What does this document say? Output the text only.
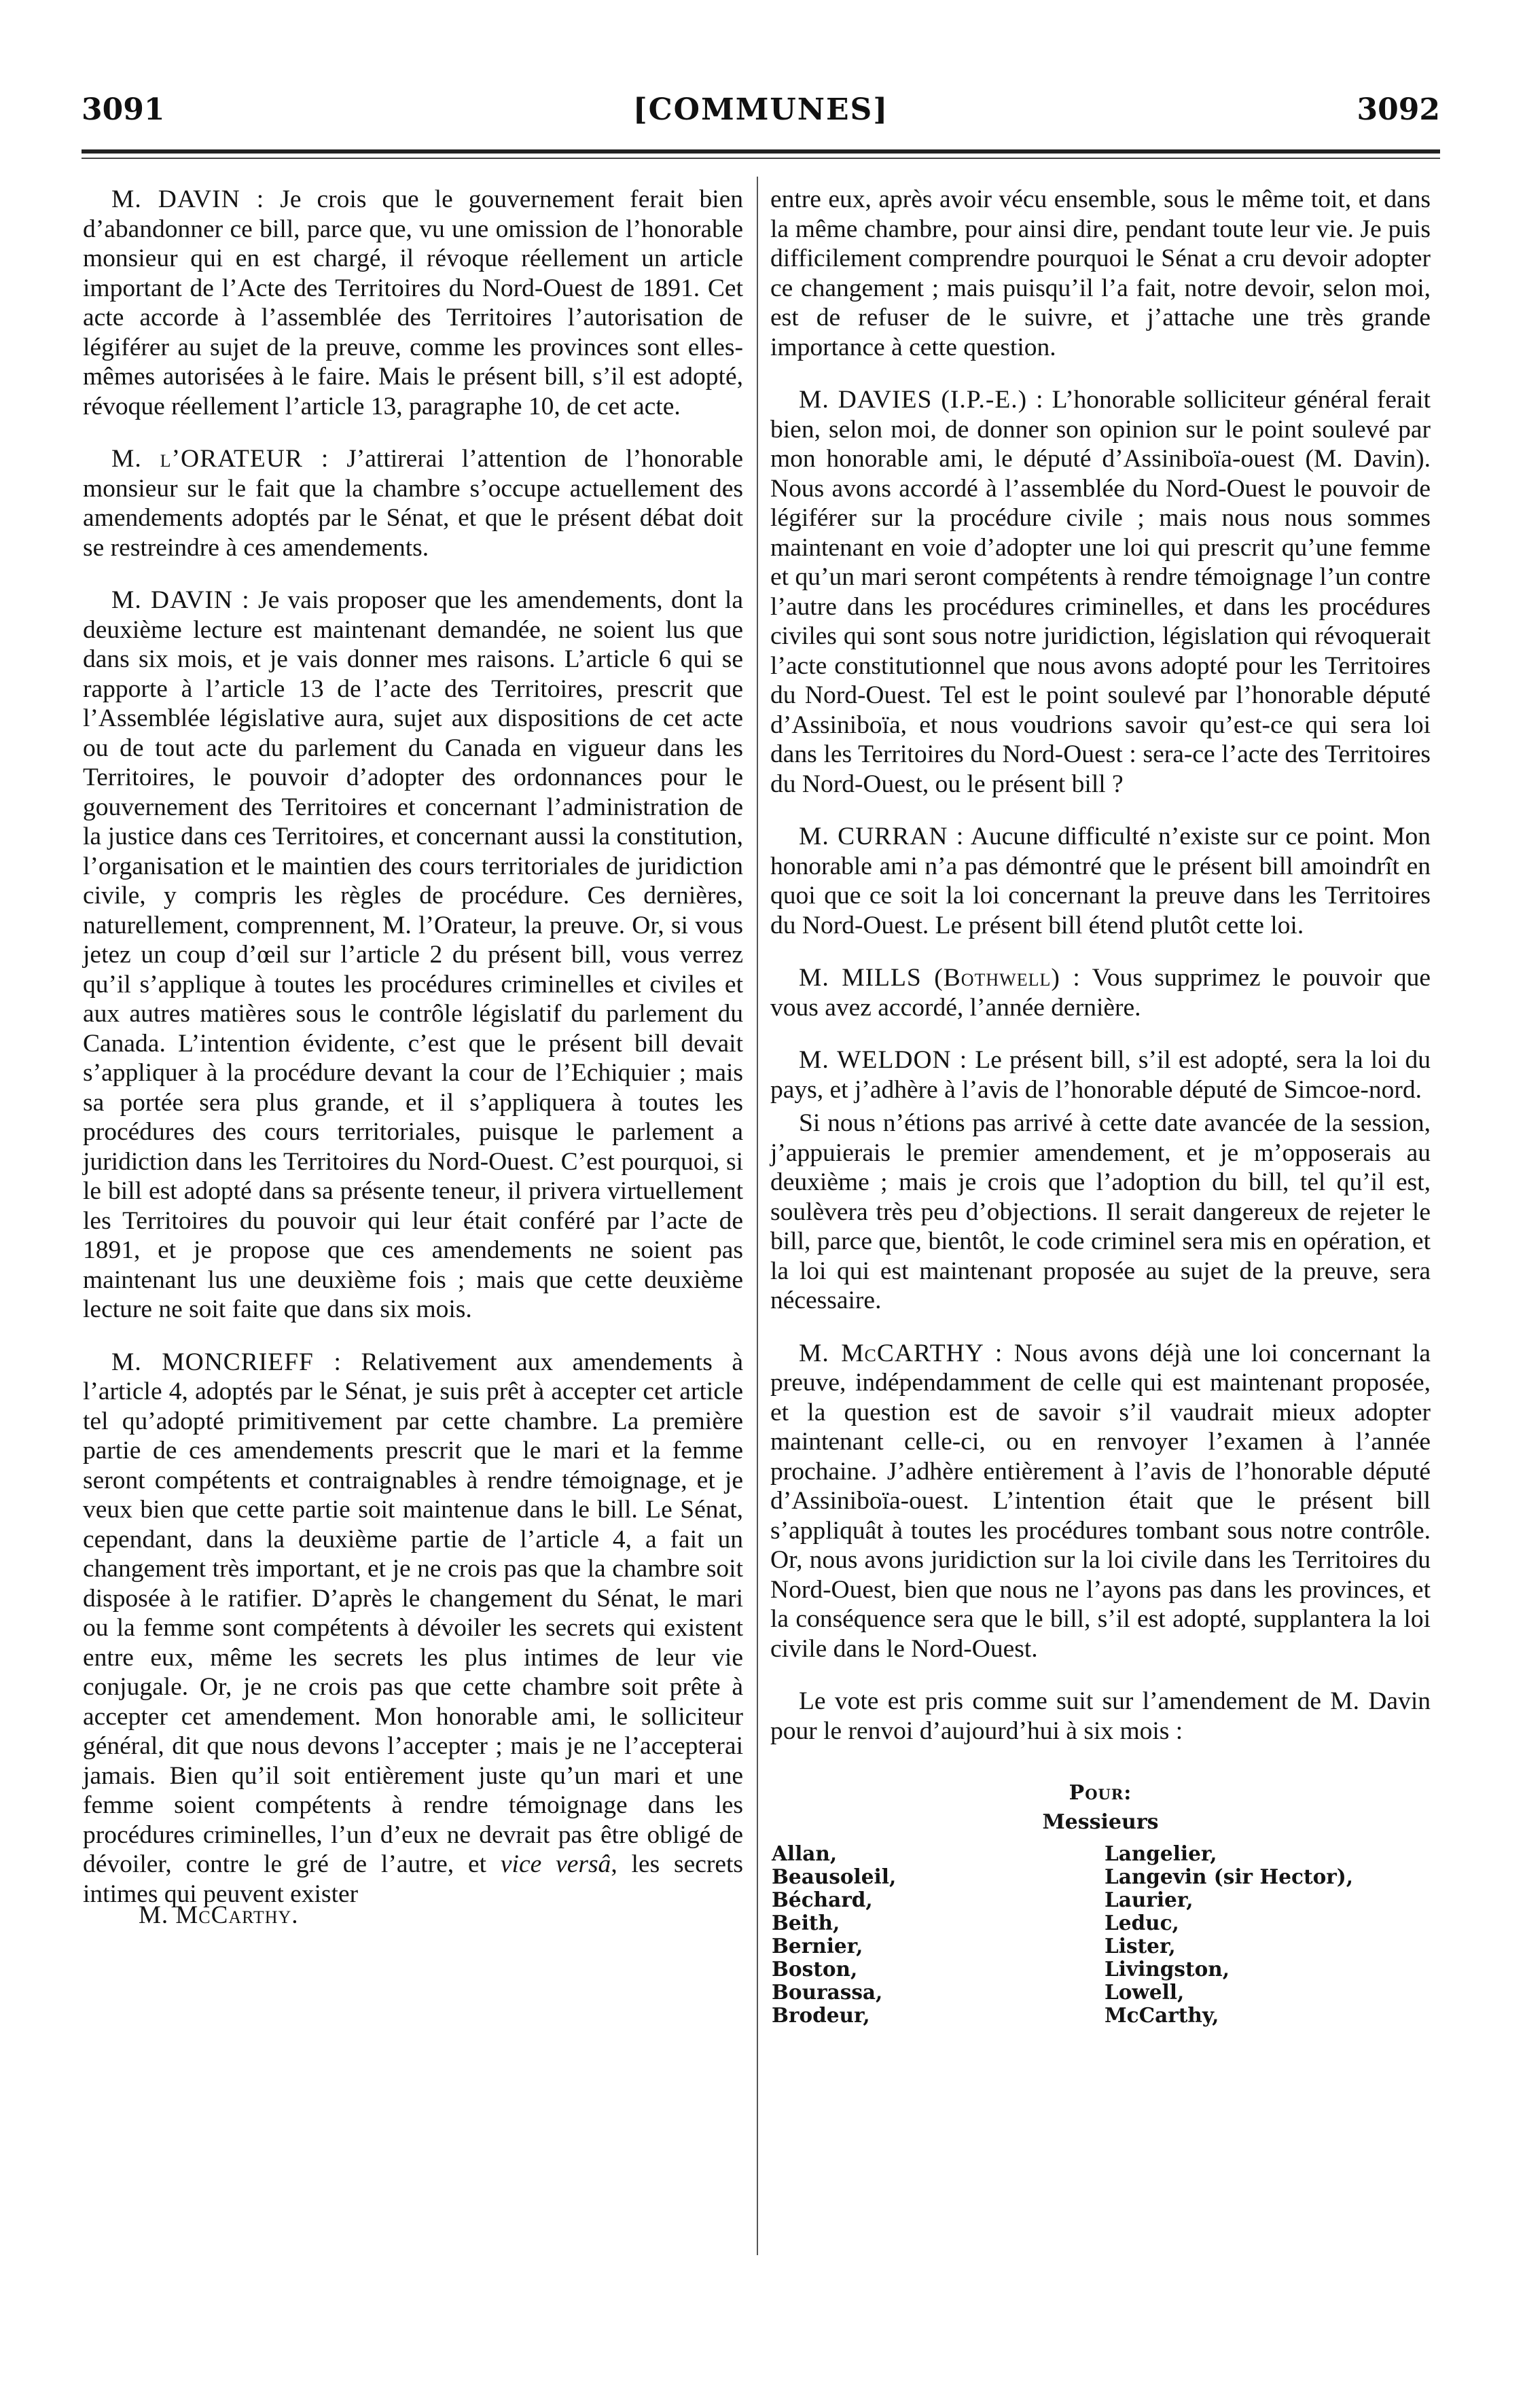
3091	[COMMUNES]	3092

M. DAVIN : Je crois que le gouvernement ferait bien d’abandonner ce bill, parce que, vu une omission de l’honorable monsieur qui en est chargé, il révoque réellement un article important de l’Acte des Territoires du Nord-Ouest de 1891. Cet acte accorde à l’assemblée des Territoires l’autorisation de légiférer au sujet de la preuve, comme les provinces sont elles-mêmes autorisées à le faire. Mais le présent bill, s’il est adopté, révoque réellement l’article 13, paragraphe 10, de cet acte.

M. l’ORATEUR : J’attirerai l’attention de l’honorable monsieur sur le fait que la chambre s’occupe actuellement des amendements adoptés par le Sénat, et que le présent débat doit se restreindre à ces amendements.

M. DAVIN : Je vais proposer que les amendements, dont la deuxième lecture est maintenant demandée, ne soient lus que dans six mois, et je vais donner mes raisons. L’article 6 qui se rapporte à l’article 13 de l’acte des Territoires, prescrit que l’Assemblée législative aura, sujet aux dispositions de cet acte ou de tout acte du parlement du Canada en vigueur dans les Territoires, le pouvoir d’adopter des ordonnances pour le gouvernement des Territoires et concernant l’administration de la justice dans ces Territoires, et concernant aussi la constitution, l’organisation et le maintien des cours territoriales de juridiction civile, y compris les règles de procédure. Ces dernières, naturellement, comprennent, M. l’Orateur, la preuve. Or, si vous jetez un coup d’œil sur l’article 2 du présent bill, vous verrez qu’il s’applique à toutes les procédures criminelles et civiles et aux autres matières sous le contrôle législatif du parlement du Canada. L’intention évidente, c’est que le présent bill devait s’appliquer à la procédure devant la cour de l’Echiquier ; mais sa portée sera plus grande, et il s’appliquera à toutes les procédures des cours territoriales, puisque le parlement a juridiction dans les Territoires du Nord-Ouest. C’est pourquoi, si le bill est adopté dans sa présente teneur, il privera virtuellement les Territoires du pouvoir qui leur était conféré par l’acte de 1891, et je propose que ces amendements ne soient pas maintenant lus une deuxième fois ; mais que cette deuxième lecture ne soit faite que dans six mois.

M. MONCRIEFF : Relativement aux amendements à l’article 4, adoptés par le Sénat, je suis prêt à accepter cet article tel qu’adopté primitivement par cette chambre. La première partie de ces amendements prescrit que le mari et la femme seront compétents et contraignables à rendre témoignage, et je veux bien que cette partie soit maintenue dans le bill. Le Sénat, cependant, dans la deuxième partie de l’article 4, a fait un changement très important, et je ne crois pas que la chambre soit disposée à le ratifier. D’après le changement du Sénat, le mari ou la femme sont compétents à dévoiler les secrets qui existent entre eux, même les secrets les plus intimes de leur vie conjugale. Or, je ne crois pas que cette chambre soit prête à accepter cet amendement. Mon honorable ami, le solliciteur général, dit que nous devons l’accepter ; mais je ne l’accepterai jamais. Bien qu’il soit entièrement juste qu’un mari et une femme soient compétents à rendre témoignage dans les procédures criminelles, l’un d’eux ne devrait pas être obligé de dévoiler, contre le gré de l’autre, et vice versâ, les secrets intimes qui peuvent exister

M. McCarthy.

entre eux, après avoir vécu ensemble, sous le même toit, et dans la même chambre, pour ainsi dire, pendant toute leur vie. Je puis difficilement comprendre pourquoi le Sénat a cru devoir adopter ce changement ; mais puisqu’il l’a fait, notre devoir, selon moi, est de refuser de le suivre, et j’attache une très grande importance à cette question.

M. DAVIES (I.P.-E.) : L’honorable solliciteur général ferait bien, selon moi, de donner son opinion sur le point soulevé par mon honorable ami, le député d’Assiniboïa-ouest (M. Davin). Nous avons accordé à l’assemblée du Nord-Ouest le pouvoir de légiférer sur la procédure civile ; mais nous nous sommes maintenant en voie d’adopter une loi qui prescrit qu’une femme et qu’un mari seront compétents à rendre témoignage l’un contre l’autre dans les procédures criminelles, et dans les procédures civiles qui sont sous notre juridiction, législation qui révoquerait l’acte constitutionnel que nous avons adopté pour les Territoires du Nord-Ouest. Tel est le point soulevé par l’honorable député d’Assiniboïa, et nous voudrions savoir qu’est-ce qui sera loi dans les Territoires du Nord-Ouest : sera-ce l’acte des Territoires du Nord-Ouest, ou le présent bill ?

M. CURRAN : Aucune difficulté n’existe sur ce point. Mon honorable ami n’a pas démontré que le présent bill amoindrît en quoi que ce soit la loi concernant la preuve dans les Territoires du Nord-Ouest. Le présent bill étend plutôt cette loi.

M. MILLS (Bothwell) : Vous supprimez le pouvoir que vous avez accordé, l’année dernière.

M. WELDON : Le présent bill, s’il est adopté, sera la loi du pays, et j’adhère à l’avis de l’honorable député de Simcoe-nord.

Si nous n’étions pas arrivé à cette date avancée de la session, j’appuierais le premier amendement, et je m’opposerais au deuxième ; mais je crois que l’adoption du bill, tel qu’il est, soulèvera très peu d’objections. Il serait dangereux de rejeter le bill, parce que, bientôt, le code criminel sera mis en opération, et la loi qui est maintenant proposée au sujet de la preuve, sera nécessaire.

M. McCARTHY : Nous avons déjà une loi concernant la preuve, indépendamment de celle qui est maintenant proposée, et la question est de savoir s’il vaudrait mieux adopter maintenant celle-ci, ou en renvoyer l’examen à l’année prochaine. J’adhère entièrement à l’avis de l’honorable député d’Assiniboïa-ouest. L’intention était que le présent bill s’appliquât à toutes les procédures tombant sous notre contrôle. Or, nous avons juridiction sur la loi civile dans les Territoires du Nord-Ouest, bien que nous ne l’ayons pas dans les provinces, et la conséquence sera que le bill, s’il est adopté, supplantera la loi civile dans le Nord-Ouest.

Le vote est pris comme suit sur l’amendement de M. Davin pour le renvoi d’aujourd’hui à six mois :

Pour:
Messieurs
Allan,
Beausoleil,
Béchard,
Beith,
Bernier,
Boston,
Bourassa,
Brodeur,
Langelier,
Langevin (sir Hector),
Laurier,
Leduc,
Lister,
Livingston,
Lowell,
McCarthy,
